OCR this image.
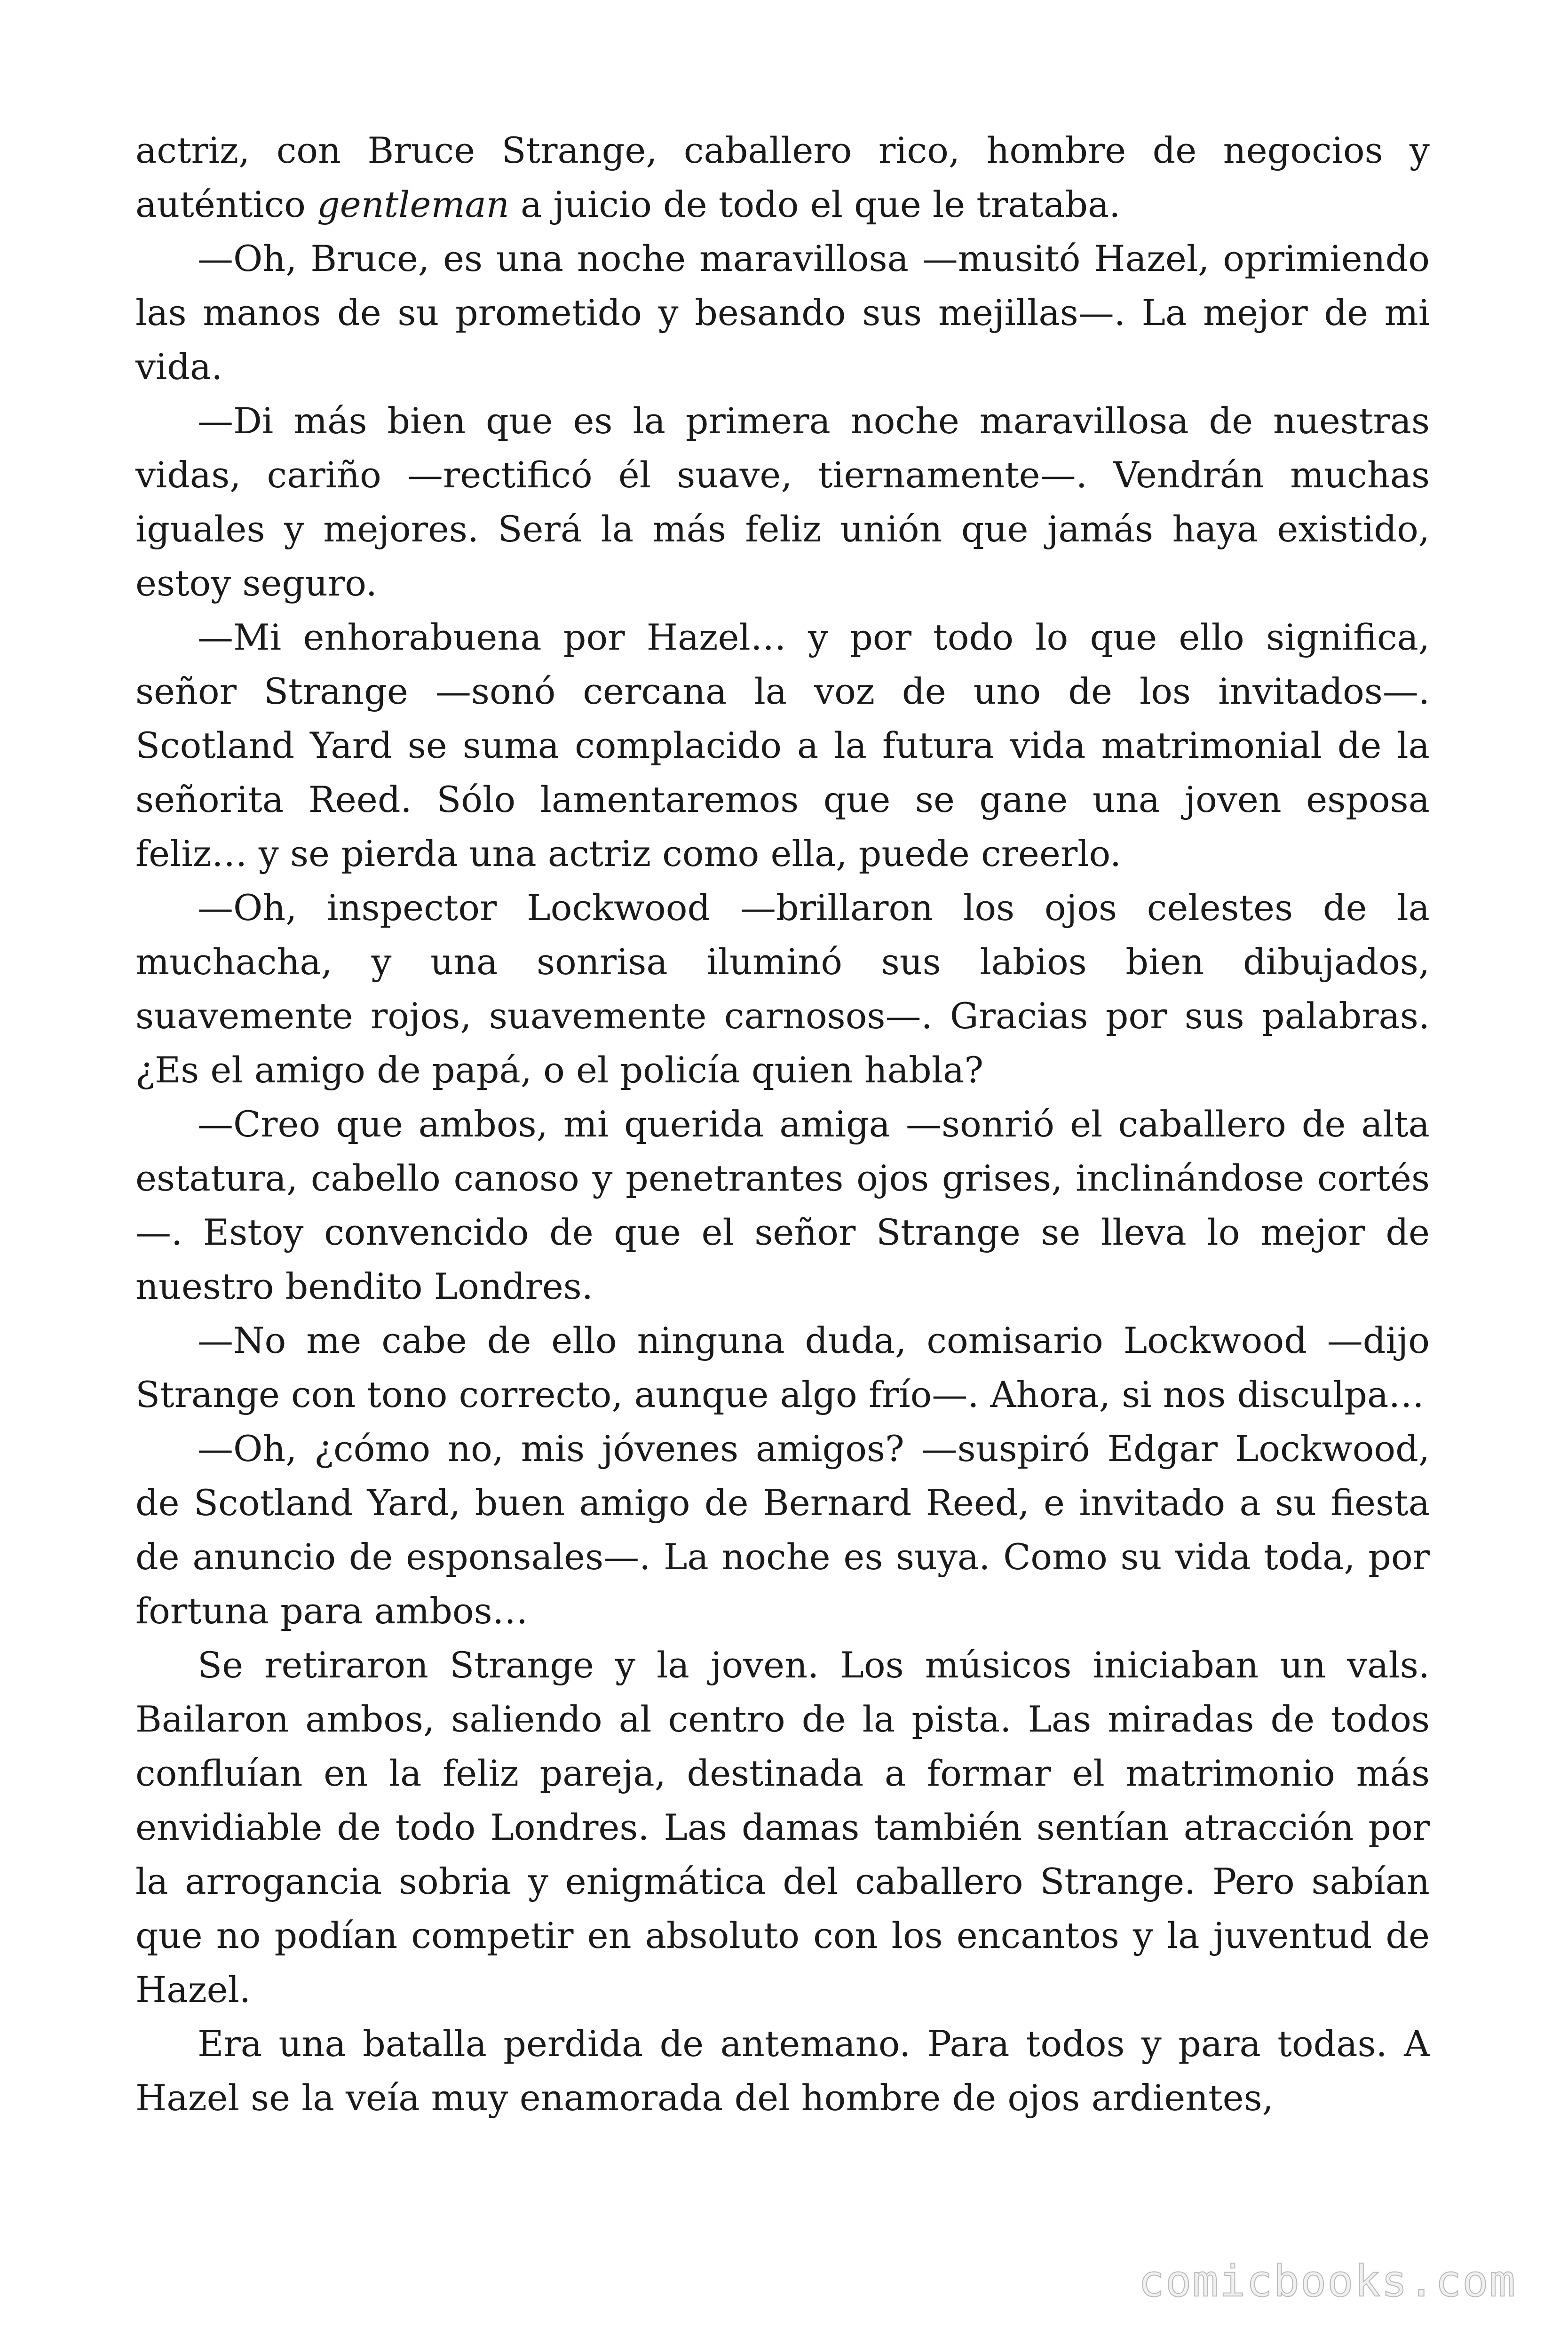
actriz, con Bruce Strange, caballero rico, hombre de negocios y auténtico gentleman a juicio de todo el que le trataba.

—Oh, Bruce, es una noche maravillosa —musitó Hazel, oprimiendo las manos de su prometido y besando sus mejillas—. La mejor de mi vida.

—Di más bien que es la primera noche maravillosa de nuestras vidas, cariño —rectificó él suave, tiernamente—. Vendrán muchas iguales y mejores. Será la más feliz unión que jamás haya existido, estoy seguro.

—Mi enhorabuena por Hazel… y por todo lo que ello significa, señor Strange —sonó cercana la voz de uno de los invitados—. Scotland Yard se suma complacido a la futura vida matrimonial de la señorita Reed. Sólo lamentaremos que se gane una joven esposa feliz… y se pierda una actriz como ella, puede creerlo.

—Oh, inspector Lockwood —brillaron los ojos celestes de la muchacha, y una sonrisa iluminó sus labios bien dibujados, suavemente rojos, suavemente carnosos—. Gracias por sus palabras. ¿Es el amigo de papá, o el policía quien habla?

—Creo que ambos, mi querida amiga —sonrió el caballero de alta estatura, cabello canoso y penetrantes ojos grises, inclinándose cortés—. Estoy convencido de que el señor Strange se lleva lo mejor de nuestro bendito Londres.

—No me cabe de ello ninguna duda, comisario Lockwood —dijo Strange con tono correcto, aunque algo frío—. Ahora, si nos disculpa…

—Oh, ¿cómo no, mis jóvenes amigos? —suspiró Edgar Lockwood, de Scotland Yard, buen amigo de Bernard Reed, e invitado a su fiesta de anuncio de esponsales—. La noche es suya. Como su vida toda, por fortuna para ambos…

Se retiraron Strange y la joven. Los músicos iniciaban un vals. Bailaron ambos, saliendo al centro de la pista. Las miradas de todos confluían en la feliz pareja, destinada a formar el matrimonio más envidiable de todo Londres. Las damas también sentían atracción por la arrogancia sobria y enigmática del caballero Strange. Pero sabían que no podían competir en absoluto con los encantos y la juventud de Hazel.

Era una batalla perdida de antemano. Para todos y para todas. A Hazel se la veía muy enamorada del hombre de ojos ardientes,

comicbooks.com
